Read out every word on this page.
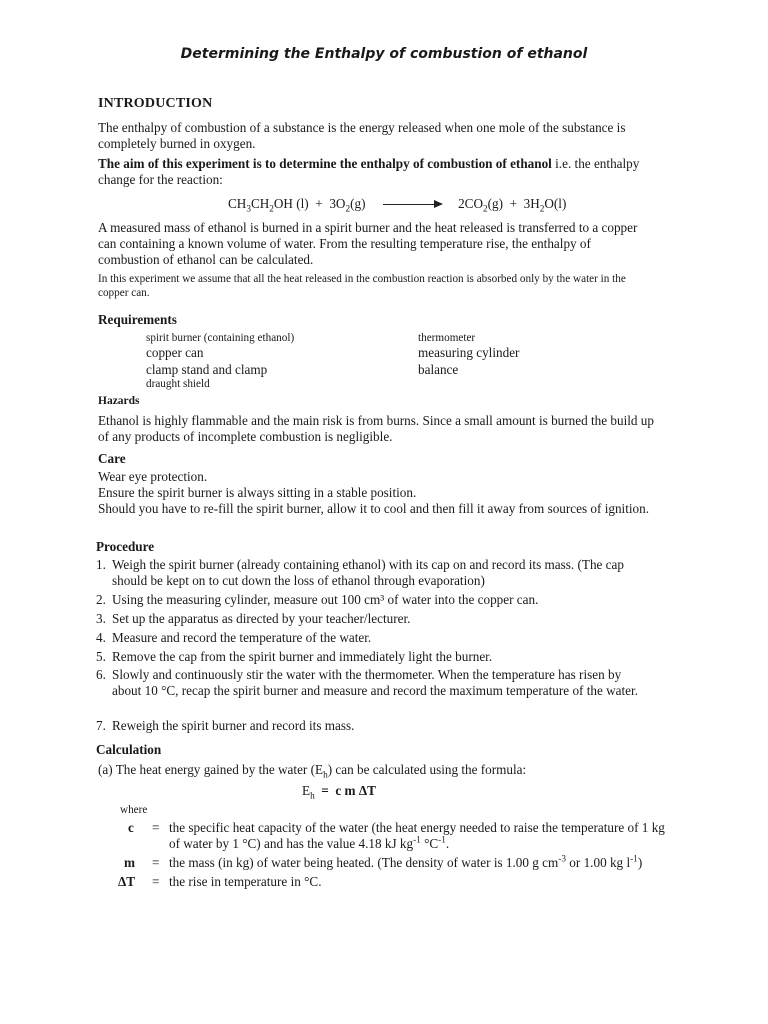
Determining the Enthalpy of combustion of ethanol
INTRODUCTION
The enthalpy of combustion of a substance is the energy released when one mole of the substance is completely burned in oxygen.
The aim of this experiment is to determine the enthalpy of combustion of ethanol i.e. the enthalpy change for the reaction:
$CH_3CH_2OH$ $(l) + 3O_2(g)$	$2CO_2(g) + 3H_2O(l)$
A measured mass of ethanol is burned in a spirit burner and the heat released is transferred to a copper can containing a known volume of water. From the resulting temperature rise, the enthalpy of combustion of ethanol can be calculated.
In this experiment we assume that all the heat released in the combustion reaction is absorbed only by the water in the copper can.
Requirements
spirit burner (containing ethanol)
copper can
clamp stand and clamp
draught shield
thermometer
measuring cylinder
balance
Hazards
Ethanol is highly flammable and the main risk is from burns. Since a small amount is burned the build up of any products of incomplete combustion is negligible.
Care
Wear eye protection.
Ensure the spirit burner is always sitting in a stable position.
Should you have to re-fill the spirit burner, allow it to cool and then fill it away from sources of ignition.
Procedure
1. Weigh the spirit burner (already containing ethanol) with its cap on and record its mass. (The cap should be kept on to cut down the loss of ethanol through evaporation)
2. Using the measuring cylinder, measure out 100 cm³ of water into the copper can.
3. Set up the apparatus as directed by your teacher/lecturer.
4. Measure and record the temperature of the water.
5. Remove the cap from the spirit burner and immediately light the burner.
6. Slowly and continuously stir the water with the thermometer. When the temperature has risen by about 10 °C, recap the spirit burner and measure and record the maximum temperature of the water.
7. Reweigh the spirit burner and record its mass.
Calculation
(a) The heat energy gained by the water $(E_h)$ can be calculated using the formula:
$E_h = c$ m ΔT
where
c = the specific heat capacity of the water (the heat energy needed to raise the temperature of 1 kg of water by 1 °C) and has the value 4.18 kJ $kg^{-1}$ $^\circ C^{-1}$.
m = the mass (in kg) of water being heated. (The density of water is 1.00 g $cm^{-3}$ or 1.00 kg $l^{-1}$)
ΔT = the rise in temperature in °C.
